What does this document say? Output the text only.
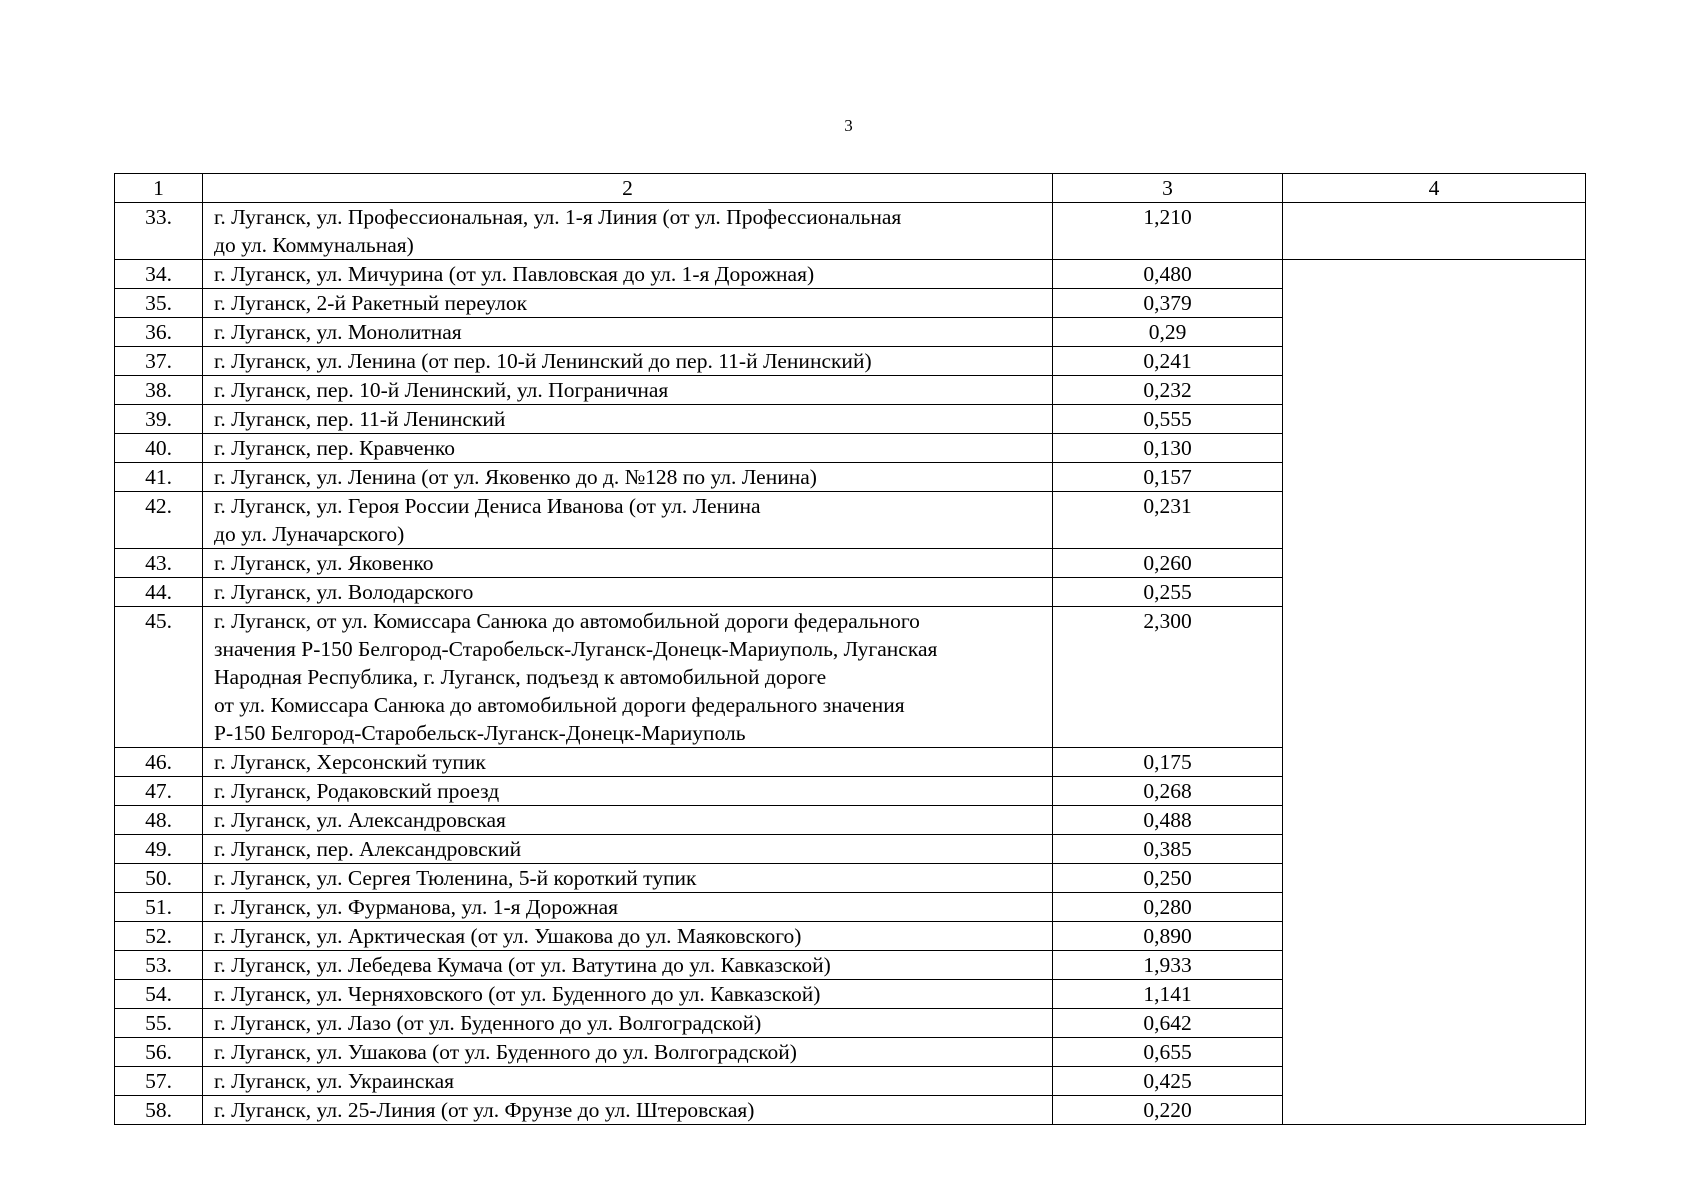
3
1	2	3	4
33.	г. Луганск, ул. Профессиональная, ул. 1-я Линия (от ул. Профессиональная
до ул. Коммунальная)	1,210	
34.	г. Луганск, ул. Мичурина (от ул. Павловская до ул. 1-я Дорожная)	0,480	
35.	г. Луганск, 2-й Ракетный переулок	0,379	
36.	г. Луганск, ул. Монолитная	0,29	
37.	г. Луганск, ул. Ленина (от пер. 10-й Ленинский до пер. 11-й Ленинский)	0,241	
38.	г. Луганск, пер. 10-й Ленинский, ул. Пограничная	0,232	
39.	г. Луганск, пер. 11-й Ленинский	0,555	
40.	г. Луганск, пер. Кравченко	0,130	
41.	г. Луганск, ул. Ленина (от ул. Яковенко до д. №128 по ул. Ленина)	0,157	
42.	г. Луганск, ул. Героя России Дениса Иванова (от ул. Ленина
до ул. Луначарского)	0,231	
43.	г. Луганск, ул. Яковенко	0,260	
44.	г. Луганск, ул. Володарского	0,255	
45.	г. Луганск, от ул. Комиссара Санюка до автомобильной дороги федерального
значения Р-150 Белгород-Старобельск-Луганск-Донецк-Мариуполь, Луганская
Народная Республика, г. Луганск, подъезд к автомобильной дороге
от ул. Комиссара Санюка до автомобильной дороги федерального значения
Р-150 Белгород-Старобельск-Луганск-Донецк-Мариуполь	2,300	
46.	г. Луганск, Херсонский тупик	0,175	
47.	г. Луганск, Родаковский проезд	0,268	
48.	г. Луганск, ул. Александровская	0,488	
49.	г. Луганск, пер. Александровский	0,385	
50.	г. Луганск, ул. Сергея Тюленина, 5-й короткий тупик	0,250	
51.	г. Луганск, ул. Фурманова, ул. 1-я Дорожная	0,280	
52.	г. Луганск, ул. Арктическая (от ул. Ушакова до ул. Маяковского)	0,890	
53.	г. Луганск, ул. Лебедева Кумача (от ул. Ватутина до ул. Кавказской)	1,933	
54.	г. Луганск, ул. Черняховского (от ул. Буденного до ул. Кавказской)	1,141	
55.	г. Луганск, ул. Лазо (от ул. Буденного до ул. Волгоградской)	0,642	
56.	г. Луганск, ул. Ушакова (от ул. Буденного до ул. Волгоградской)	0,655	
57.	г. Луганск, ул. Украинская	0,425	
58.	г. Луганск, ул. 25-Линия (от ул. Фрунзе до ул. Штеровская)	0,220	
